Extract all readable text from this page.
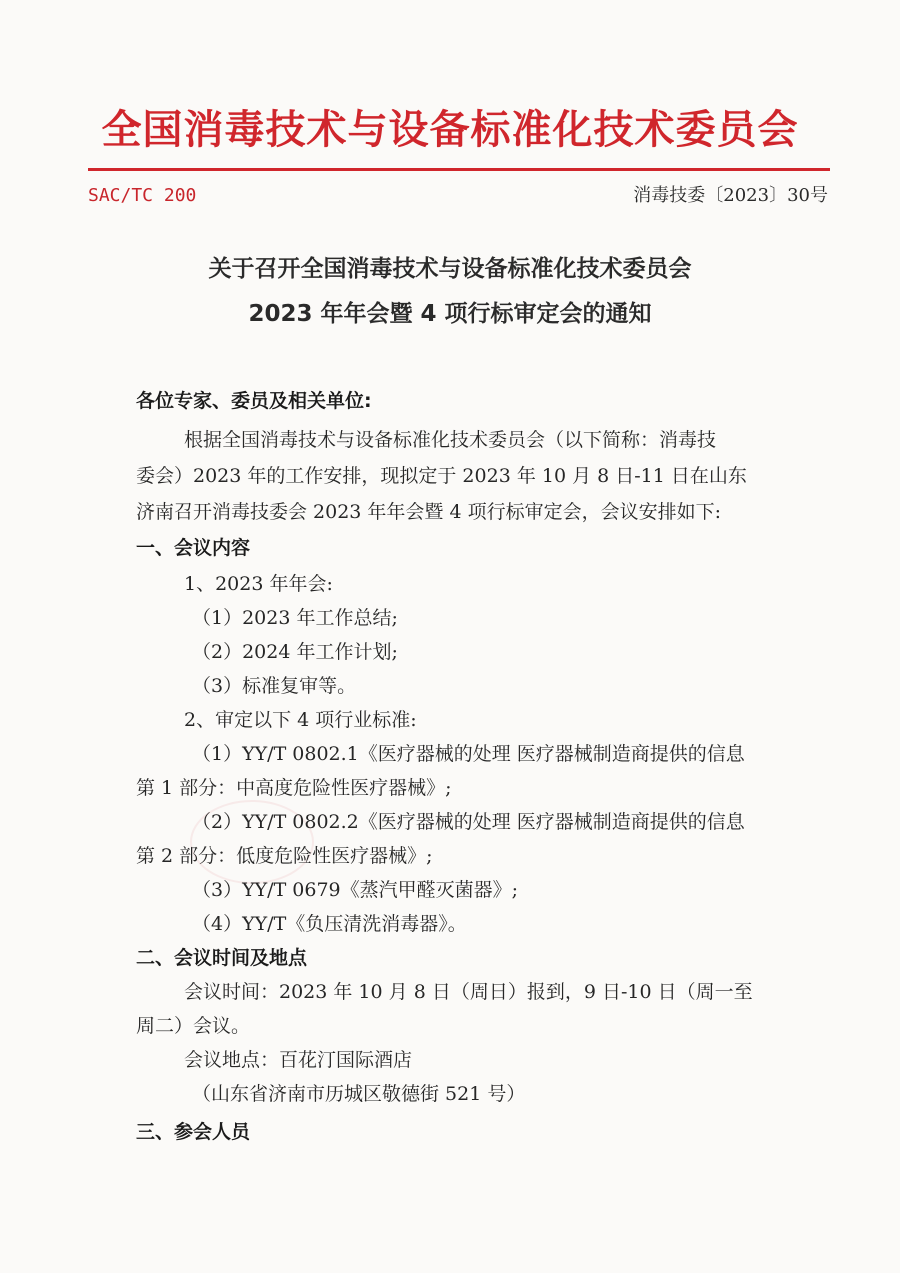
全国消毒技术与设备标准化技术委员会
SAC/TC 200	消毒技委〔2023〕30号
关于召开全国消毒技术与设备标准化技术委员会
2023 年年会暨 4 项行标审定会的通知
各位专家、委员及相关单位:
根据全国消毒技术与设备标准化技术委员会（以下简称：消毒技
委会）2023 年的工作安排，现拟定于 2023 年 10 月 8 日-11 日在山东
济南召开消毒技委会 2023 年年会暨 4 项行标审定会，会议安排如下:
一、会议内容
1、2023 年年会:
（1）2023 年工作总结;
（2）2024 年工作计划;
（3）标准复审等。
2、审定以下 4 项行业标准:
（1）YY/T 0802.1《医疗器械的处理 医疗器械制造商提供的信息
第 1 部分：中高度危险性医疗器械》;
（2）YY/T 0802.2《医疗器械的处理 医疗器械制造商提供的信息
第 2 部分：低度危险性医疗器械》;
（3）YY/T 0679《蒸汽甲醛灭菌器》;
（4）YY/T《负压清洗消毒器》。
二、会议时间及地点
会议时间：2023 年 10 月 8 日（周日）报到，9 日-10 日（周一至
周二）会议。
会议地点：百花汀国际酒店
（山东省济南市历城区敬德街 521 号）
三、参会人员
